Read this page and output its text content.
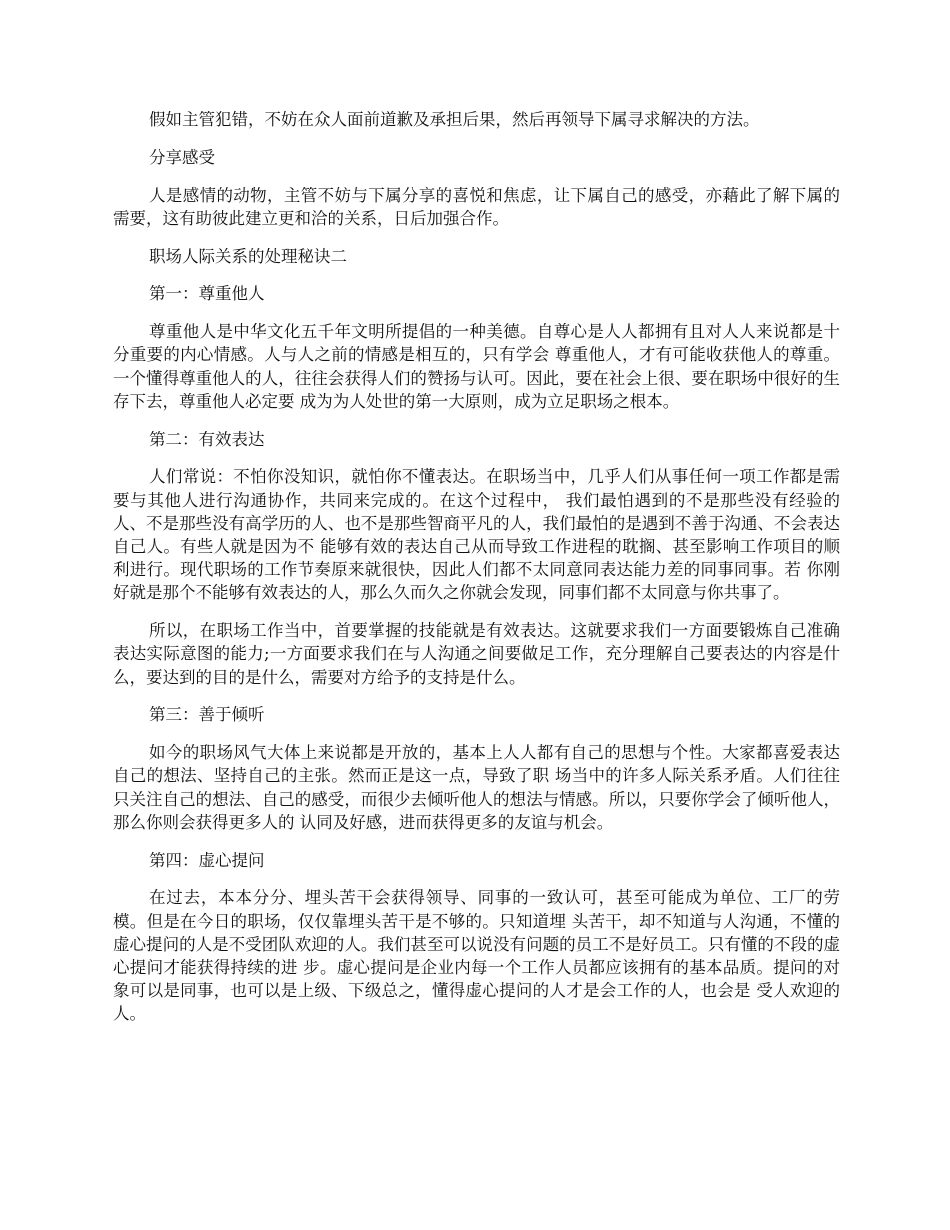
假如主管犯错，不妨在众人面前道歉及承担后果，然后再领导下属寻求解决的方法。

分享感受

人是感情的动物，主管不妨与下属分享的喜悦和焦虑，让下属自己的感受，亦藉此了解下属的需要，这有助彼此建立更和洽的关系，日后加强合作。

职场人际关系的处理秘诀二

第一：尊重他人

尊重他人是中华文化五千年文明所提倡的一种美德。自尊心是人人都拥有且对人人来说都是十分重要的内心情感。人与人之前的情感是相互的，只有学会 尊重他人，才有可能收获他人的尊重。一个懂得尊重他人的人，往往会获得人们的赞扬与认可。因此，要在社会上很、要在职场中很好的生存下去，尊重他人必定要 成为为人处世的第一大原则，成为立足职场之根本。

第二：有效表达

人们常说：不怕你没知识，就怕你不懂表达。在职场当中，几乎人们从事任何一项工作都是需要与其他人进行沟通协作，共同来完成的。在这个过程中， 我们最怕遇到的不是那些没有经验的人、不是那些没有高学历的人、也不是那些智商平凡的人，我们最怕的是遇到不善于沟通、不会表达自己人。有些人就是因为不 能够有效的表达自己从而导致工作进程的耽搁、甚至影响工作项目的顺利进行。现代职场的工作节奏原来就很快，因此人们都不太同意同表达能力差的同事同事。若 你刚好就是那个不能够有效表达的人，那么久而久之你就会发现，同事们都不太同意与你共事了。

所以，在职场工作当中，首要掌握的技能就是有效表达。这就要求我们一方面要锻炼自己准确表达实际意图的能力;一方面要求我们在与人沟通之间要做足工作，充分理解自己要表达的内容是什么，要达到的目的是什么，需要对方给予的支持是什么。

第三：善于倾听

如今的职场风气大体上来说都是开放的，基本上人人都有自己的思想与个性。大家都喜爱表达自己的想法、坚持自己的主张。然而正是这一点，导致了职 场当中的许多人际关系矛盾。人们往往只关注自己的想法、自己的感受，而很少去倾听他人的想法与情感。所以，只要你学会了倾听他人，那么你则会获得更多人的 认同及好感，进而获得更多的友谊与机会。

第四：虚心提问

在过去，本本分分、埋头苦干会获得领导、同事的一致认可，甚至可能成为单位、工厂的劳模。但是在今日的职场，仅仅靠埋头苦干是不够的。只知道埋 头苦干，却不知道与人沟通，不懂的虚心提问的人是不受团队欢迎的人。我们甚至可以说没有问题的员工不是好员工。只有懂的不段的虚心提问才能获得持续的进 步。虚心提问是企业内每一个工作人员都应该拥有的基本品质。提问的对象可以是同事，也可以是上级、下级总之，懂得虚心提问的人才是会工作的人，也会是 受人欢迎的人。
